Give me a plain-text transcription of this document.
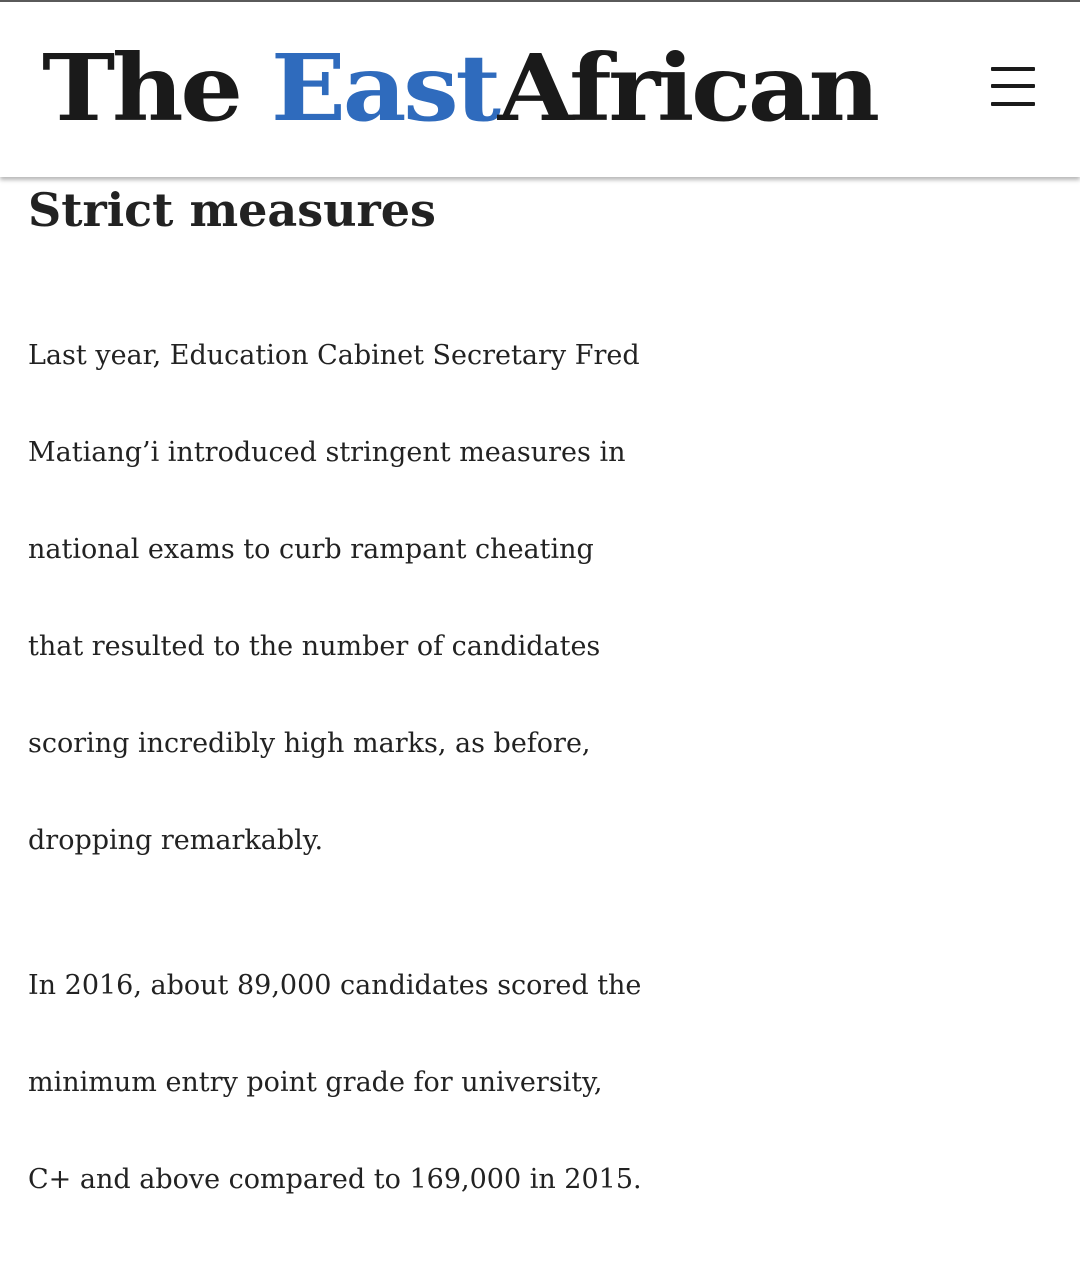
The EastAfrican
Strict measures

Last year, Education Cabinet Secretary Fred
Matiang’i introduced stringent measures in
national exams to curb rampant cheating
that resulted to the number of candidates
scoring incredibly high marks, as before,
dropping remarkably.

In 2016, about 89,000 candidates scored the
minimum entry point grade for university,
C+ and above compared to 169,000 in 2015.
